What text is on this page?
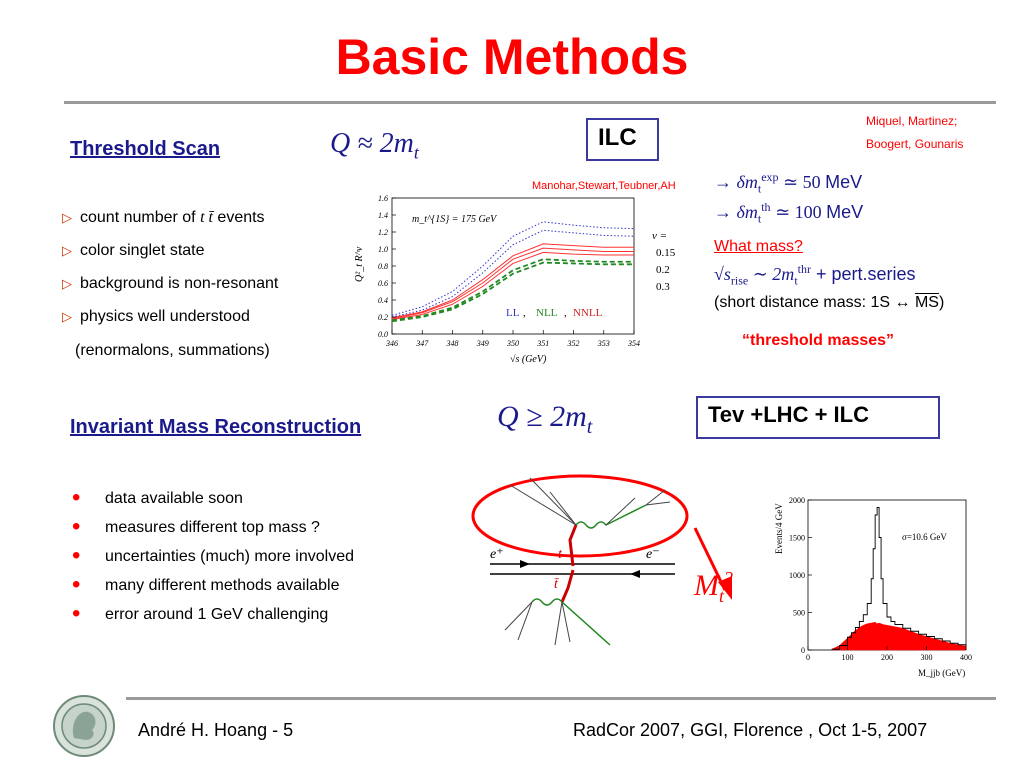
Basic Methods
Miquel, Martinez;
Boogert, Gounaris
Threshold Scan	$Q \approx 2m_t$
ILC
▷ count number of t t̄ events
▷ color singlet state
▷ background is non-resonant
▷ physics well understood
(renormalons, summations)
Manohar,Stewart,Teubner,AH
346 347 348 349 350 351 352 353 354
0.0
0.2
0.4
0.6
0.8
1.0
1.2
1.4
1.6
m_t^{1S} = 175 GeV
ν =
0.15
0.2
0.3
LL , NLL , NNLL
√s (GeV)
Q²_t R^v
→ $\delta m_t^{exp}$ ≃ 50 MeV
→ $\delta m_t^{th}$ ≃ 100 MeV
What mass?
$√s_{rise}$ ∼ $2m_t^{thr}$ + pert.series
(short distance mass: 1S ↔ $\overline{MS}$)
“threshold masses”
Invariant Mass Reconstruction	$Q \ge 2m_t$	Tev +LHC + ILC
• data available soon
• measures different top mass ?
• uncertainties (much) more involved
• many different methods available
• error around 1 GeV challenging
e⁺	e⁻
t
t̄	$M_t^2$
0	100	200	300	400
0
500
1000
1500
2000
σ=10.6 GeV
M_jjb (GeV)
Events/4 GeV
André H. Hoang - 5	RadCor 2007, GGI, Florence , Oct 1-5, 2007
